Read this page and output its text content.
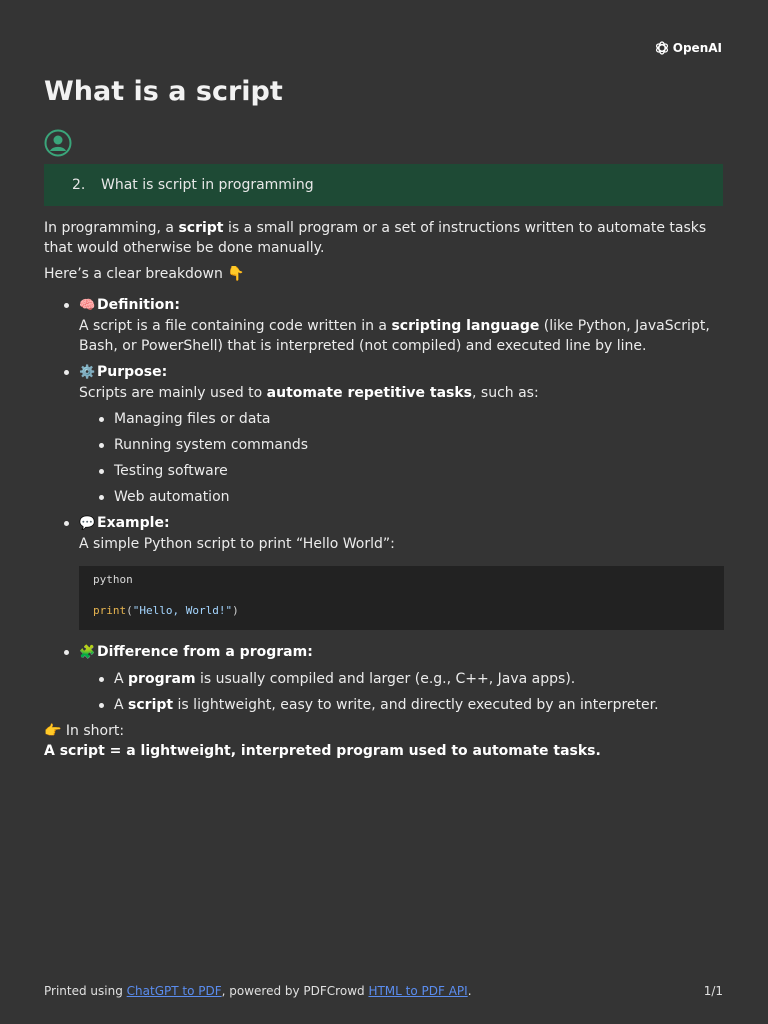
OpenAI
What is a script
2.	What is script in programming

In programming, a script is a small program or a set of instructions written to automate tasks that would otherwise be done manually.

Here’s a clear breakdown 👇

🧠 Definition:
A script is a file containing code written in a scripting language (like Python, JavaScript, Bash, or PowerShell) that is interpreted (not compiled) and executed line by line.
⚙️ Purpose:
Scripts are mainly used to automate repetitive tasks, such as:
Managing files or data
Running system commands
Testing software
Web automation
💬 Example:
A simple Python script to print “Hello World”:
python
print("Hello, World!")
🧩 Difference from a program:
A program is usually compiled and larger (e.g., C++, Java apps).
A script is lightweight, easy to write, and directly executed by an interpreter.

👉 In short:

A script = a lightweight, interpreted program used to automate tasks.

Printed using ChatGPT to PDF, powered by PDFCrowd HTML to PDF API.	1/1
